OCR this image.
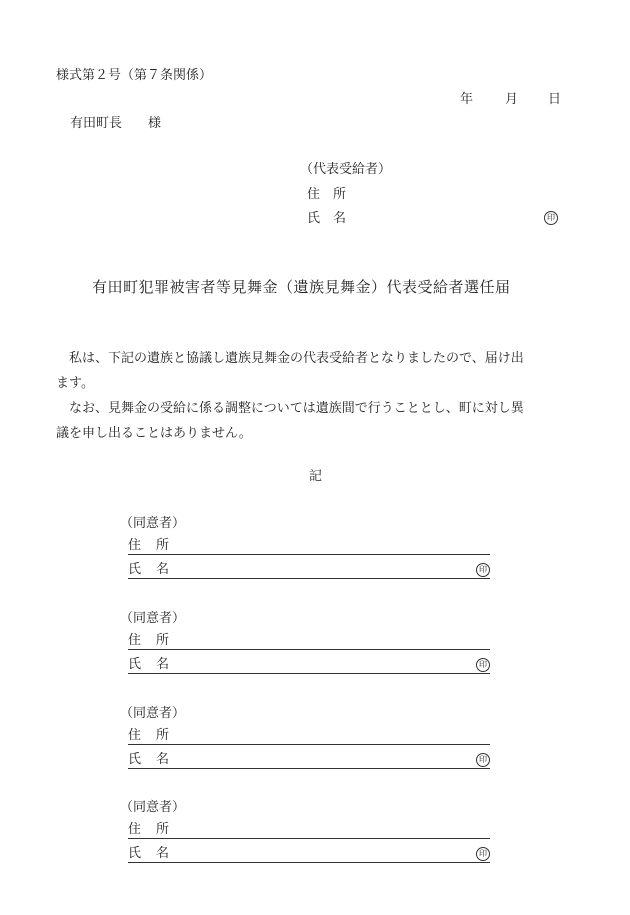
様式第２号（第７条関係）
年 月 日
有田町長　　様
（代表受給者）
住　所
氏　名	印
有田町犯罪被害者等見舞金（遺族見舞金）代表受給者選任届
　私は、下記の遺族と協議し遺族見舞金の代表受給者となりましたので、届け出
ます。
　なお、見舞金の受給に係る調整については遺族間で行うこととし、町に対し異
議を申し出ることはありません。
記
（同意者）
住　所
氏　名	印
（同意者）
住　所
氏　名	印
（同意者）
住　所
氏　名	印
（同意者）
住　所
氏　名	印
